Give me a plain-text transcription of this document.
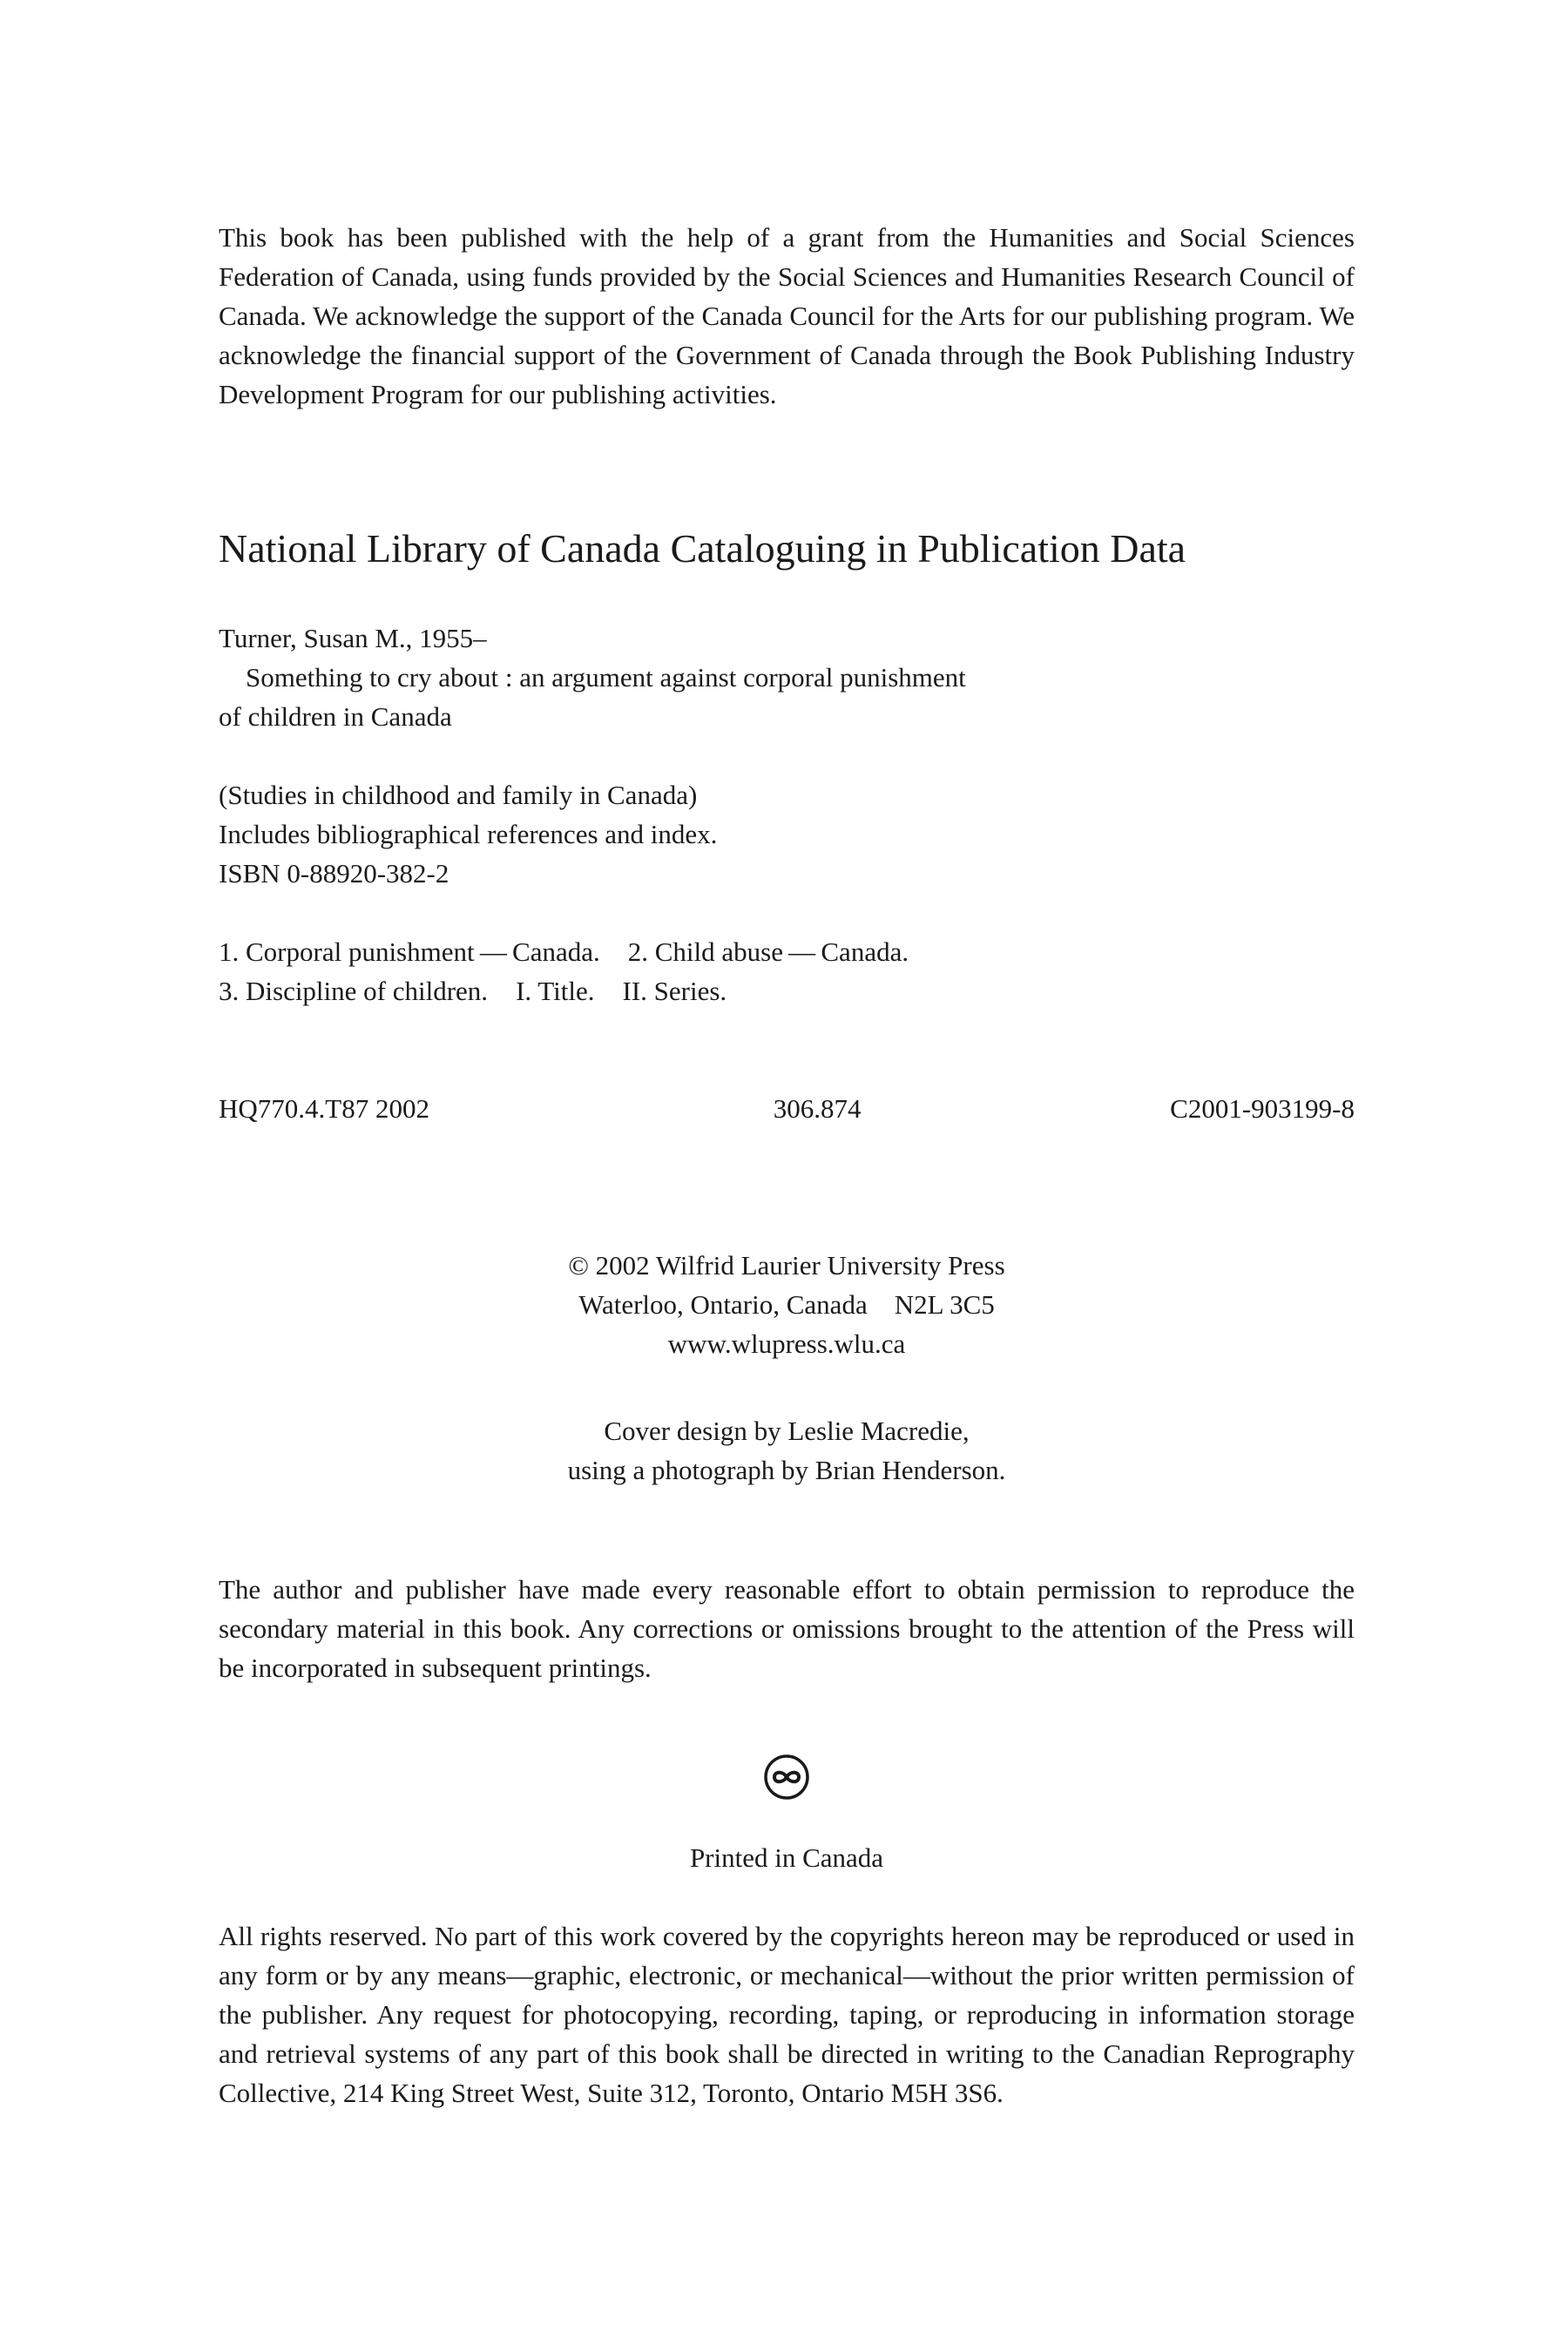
This book has been published with the help of a grant from the Humanities and Social Sciences Federation of Canada, using funds provided by the Social Sciences and Humanities Research Council of Canada. We acknowledge the support of the Canada Council for the Arts for our publishing program. We acknowledge the financial support of the Government of Canada through the Book Publishing Industry Development Program for our publishing activities.

National Library of Canada Cataloguing in Publication Data

Turner, Susan M., 1955–

Something to cry about : an argument against corporal punishment

of children in Canada

(Studies in childhood and family in Canada)

Includes bibliographical references and index.

ISBN 0-88920-382-2

1. Corporal punishment — Canada. 2. Child abuse — Canada.

3. Discipline of children. I. Title. II. Series.

HQ770.4.T87 2002	306.874	C2001-903199-8

© 2002 Wilfrid Laurier University Press

Waterloo, Ontario, Canada    N2L 3C5

www.wlupress.wlu.ca

Cover design by Leslie Macredie,

using a photograph by Brian Henderson.

The author and publisher have made every reasonable effort to obtain permission to reproduce the secondary material in this book. Any corrections or omissions brought to the attention of the Press will be incorporated in subsequent printings.

Printed in Canada

All rights reserved. No part of this work covered by the copyrights hereon may be reproduced or used in any form or by any means—graphic, electronic, or mechanical—without the prior written permission of the publisher. Any request for photocopying, recording, taping, or reproducing in information storage and retrieval systems of any part of this book shall be directed in writing to the Canadian Reprography Collective, 214 King Street West, Suite 312, Toronto, Ontario M5H 3S6.
